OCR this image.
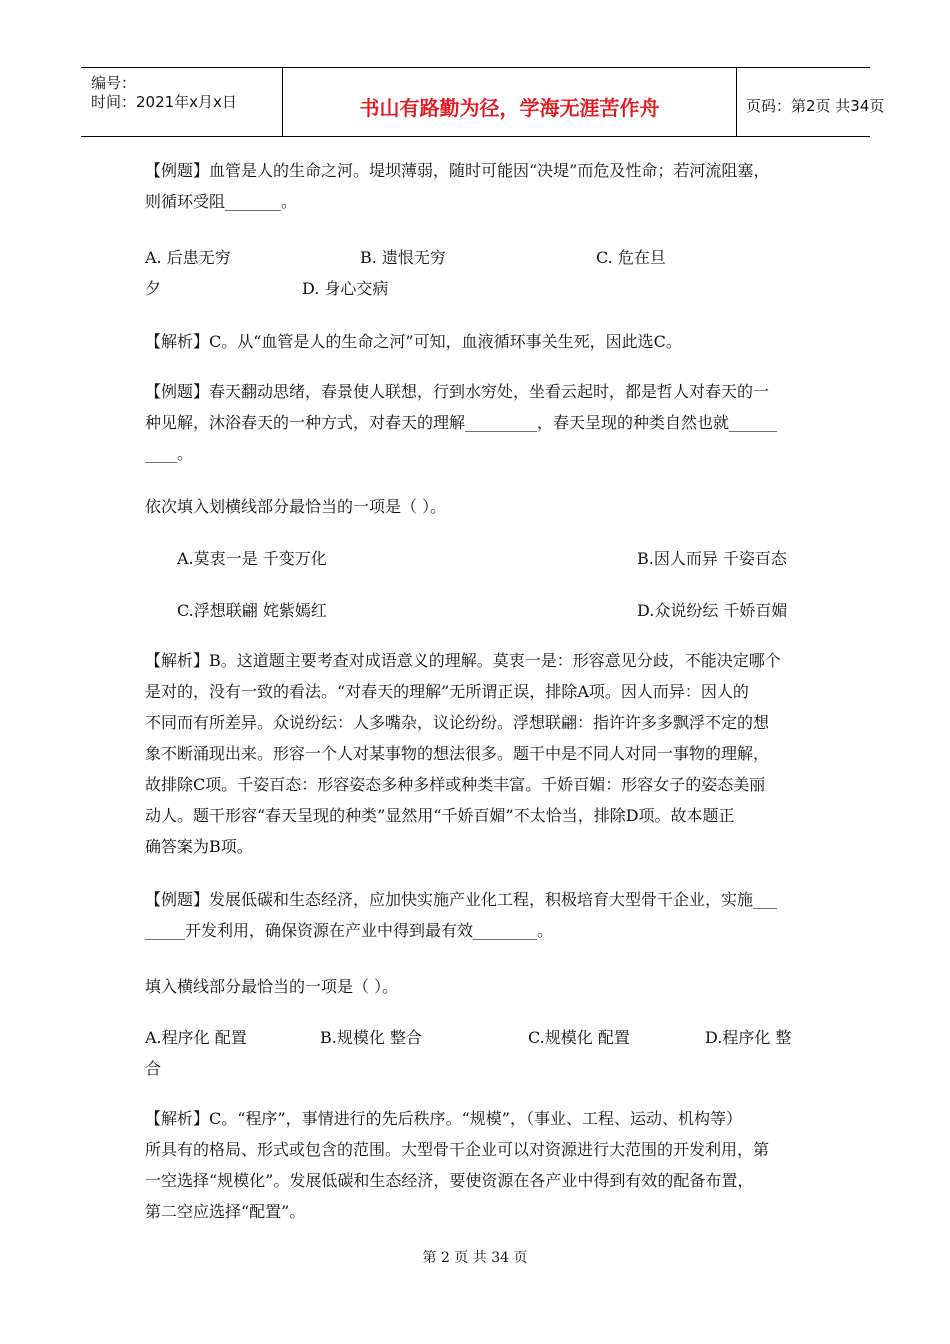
编号：
时间：2021年x月x日	书山有路勤为径，学海无涯苦作舟	页码：第2页 共34页
【例题】血管是人的生命之河。堤坝薄弱，随时可能因“决堤”而危及性命；若河流阻塞，
则循环受阻_______。
A. 后患无穷	B. 遗恨无穷	C. 危在旦
夕	D. 身心交病
【解析】C。从“血管是人的生命之河”可知，血液循环事关生死，因此选C。
【例题】春天翻动思绪，春景使人联想，行到水穷处，坐看云起时，都是哲人对春天的一
种见解，沐浴春天的一种方式，对春天的理解_________，春天呈现的种类自然也就______
____。
依次填入划横线部分最恰当的一项是（ ）。
A.莫衷一是 千变万化	B.因人而异 千姿百态
C.浮想联翩 姹紫嫣红	D.众说纷纭 千娇百媚
【解析】B。这道题主要考查对成语意义的理解。莫衷一是：形容意见分歧，不能决定哪个
是对的，没有一致的看法。“对春天的理解”无所谓正误，排除A项。因人而异：因人的
不同而有所差异。众说纷纭：人多嘴杂，议论纷纷。浮想联翩：指许许多多飘浮不定的想
象不断涌现出来。形容一个人对某事物的想法很多。题干中是不同人对同一事物的理解，
故排除C项。千姿百态：形容姿态多种多样或种类丰富。千娇百媚：形容女子的姿态美丽
动人。题干形容“春天呈现的种类”显然用“千娇百媚”不太恰当，排除D项。故本题正
确答案为B项。
【例题】发展低碳和生态经济，应加快实施产业化工程，积极培育大型骨干企业，实施___
_____开发利用，确保资源在产业中得到最有效________。
填入横线部分最恰当的一项是（ ）。
A.程序化 配置	B.规模化 整合	C.规模化 配置	D.程序化 整
合
【解析】C。“程序”，事情进行的先后秩序。“规模”，（事业、工程、运动、机构等）
所具有的格局、形式或包含的范围。大型骨干企业可以对资源进行大范围的开发利用，第
一空选择“规模化”。发展低碳和生态经济，要使资源在各产业中得到有效的配备布置，
第二空应选择“配置”。
第 2 页 共 34 页
